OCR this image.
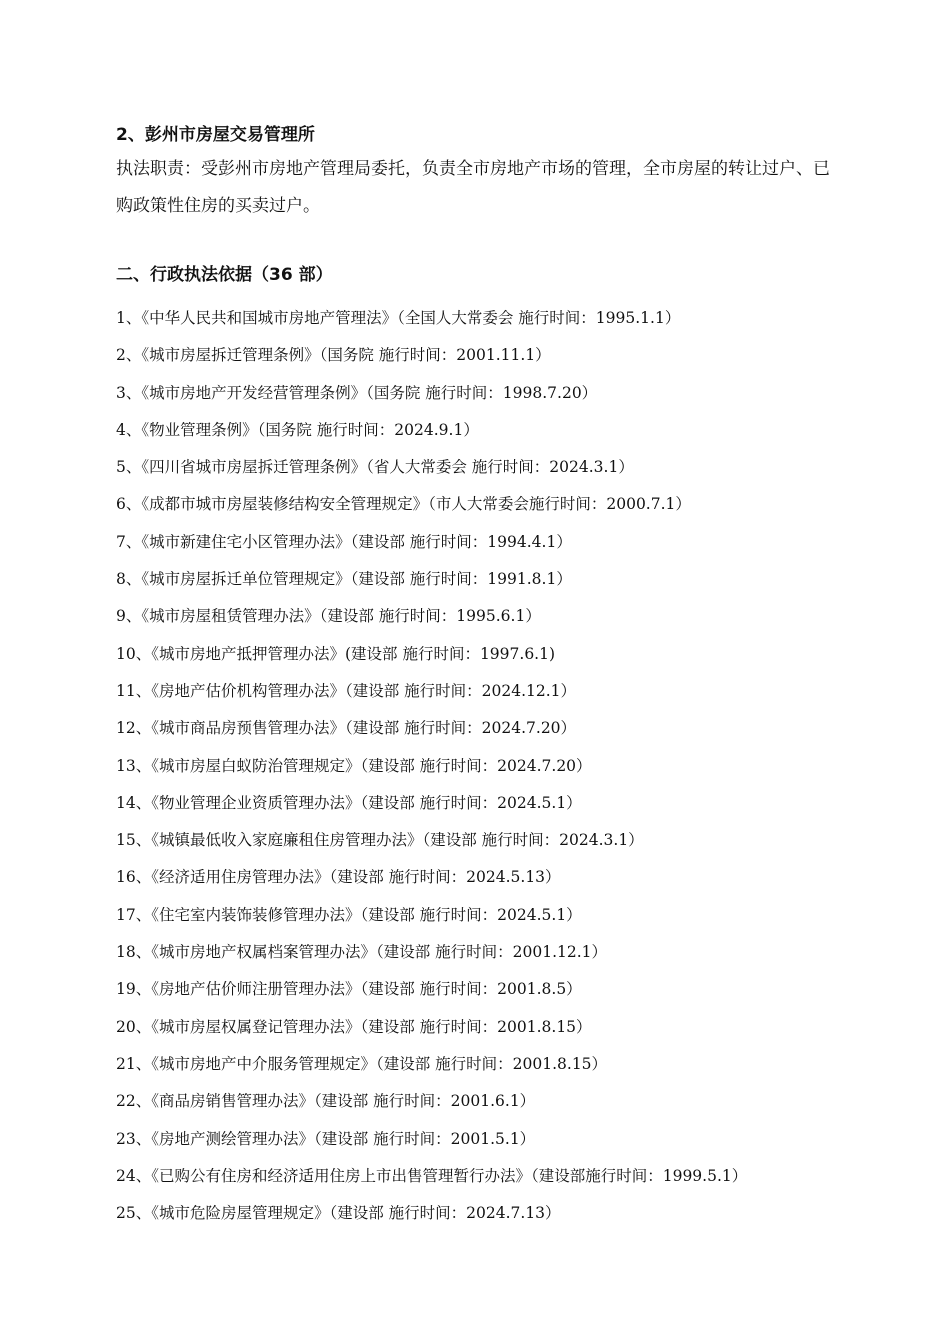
2、彭州市房屋交易管理所
执法职责：受彭州市房地产管理局委托，负责全市房地产市场的管理，全市房屋的转让过户、已购政策性住房的买卖过户。
二、行政执法依据（36 部）
1、《中华人民共和国城市房地产管理法》（全国人大常委会 施行时间：1995.1.1）
2、《城市房屋拆迁管理条例》（国务院 施行时间：2001.11.1）
3、《城市房地产开发经营管理条例》（国务院 施行时间：1998.7.20）
4、《物业管理条例》（国务院 施行时间：2024.9.1）
5、《四川省城市房屋拆迁管理条例》（省人大常委会 施行时间：2024.3.1）
6、《成都市城市房屋装修结构安全管理规定》（市人大常委会施行时间：2000.7.1）
7、《城市新建住宅小区管理办法》（建设部 施行时间：1994.4.1）
8、《城市房屋拆迁单位管理规定》（建设部 施行时间：1991.8.1）
9、《城市房屋租赁管理办法》（建设部 施行时间：1995.6.1）
10、《城市房地产抵押管理办法》(建设部 施行时间：1997.6.1)
11、《房地产估价机构管理办法》（建设部 施行时间：2024.12.1）
12、《城市商品房预售管理办法》（建设部 施行时间：2024.7.20）
13、《城市房屋白蚁防治管理规定》（建设部 施行时间：2024.7.20）
14、《物业管理企业资质管理办法》（建设部 施行时间：2024.5.1）
15、《城镇最低收入家庭廉租住房管理办法》（建设部 施行时间：2024.3.1）
16、《经济适用住房管理办法》（建设部 施行时间：2024.5.13）
17、《住宅室内装饰装修管理办法》（建设部 施行时间：2024.5.1）
18、《城市房地产权属档案管理办法》（建设部 施行时间：2001.12.1）
19、《房地产估价师注册管理办法》（建设部 施行时间：2001.8.5）
20、《城市房屋权属登记管理办法》（建设部 施行时间：2001.8.15）
21、《城市房地产中介服务管理规定》（建设部 施行时间：2001.8.15）
22、《商品房销售管理办法》（建设部 施行时间：2001.6.1）
23、《房地产测绘管理办法》（建设部 施行时间：2001.5.1）
24、《已购公有住房和经济适用住房上市出售管理暂行办法》（建设部施行时间：1999.5.1）
25、《城市危险房屋管理规定》（建设部 施行时间：2024.7.13）
